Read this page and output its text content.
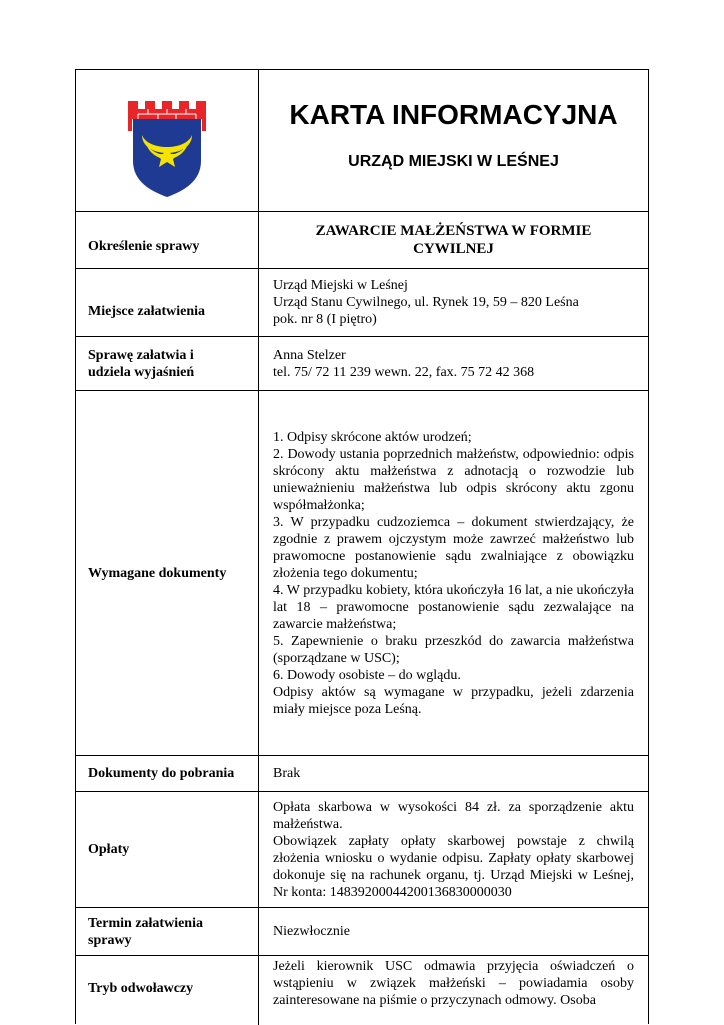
KARTA INFORMACYJNA
URZĄD MIEJSKI W LEŚNEJ
Określenie sprawy
ZAWARCIE MAŁŻEŃSTWA W FORMIE
CYWILNEJ
Miejsce załatwienia
Urząd Miejski w Leśnej
Urząd Stanu Cywilnego, ul. Rynek 19, 59 – 820 Leśna
pok. nr 8 (I piętro)
Sprawę załatwia i
udziela wyjaśnień
Anna Stelzer
tel. 75/ 72 11 239 wewn. 22, fax. 75 72 42 368
Wymagane dokumenty
1. Odpisy skrócone aktów urodzeń;
2. Dowody ustania poprzednich małżeństw, odpowiednio: odpis skrócony aktu małżeństwa z adnotacją o rozwodzie lub unieważnieniu małżeństwa lub odpis skrócony aktu zgonu współmałżonka;
3. W przypadku cudzoziemca – dokument stwierdzający, że zgodnie z prawem ojczystym może zawrzeć małżeństwo lub prawomocne postanowienie sądu zwalniające z obowiązku złożenia tego dokumentu;
4. W przypadku kobiety, która ukończyła 16 lat, a nie ukończyła lat 18 – prawomocne postanowienie sądu zezwalające na zawarcie małżeństwa;
5. Zapewnienie o braku przeszkód do zawarcia małżeństwa (sporządzane w USC);
6. Dowody osobiste – do wglądu.
Odpisy aktów są wymagane w przypadku, jeżeli zdarzenia miały miejsce poza Leśną.
Dokumenty do pobrania	Brak
Opłaty
Opłata skarbowa w wysokości 84 zł. za sporządzenie aktu małżeństwa.
Obowiązek zapłaty opłaty skarbowej powstaje z chwilą złożenia wniosku o wydanie odpisu. Zapłaty opłaty skarbowej dokonuje się na rachunek organu, tj. Urząd Miejski w Leśnej, Nr konta: 14839200044200136830000030
Termin załatwienia
sprawy
Niezwłocznie
Tryb odwoławczy
Jeżeli kierownik USC odmawia przyjęcia oświadczeń o wstąpieniu w związek małżeński – powiadamia osoby zainteresowane na piśmie o przyczynach odmowy. Osoba
